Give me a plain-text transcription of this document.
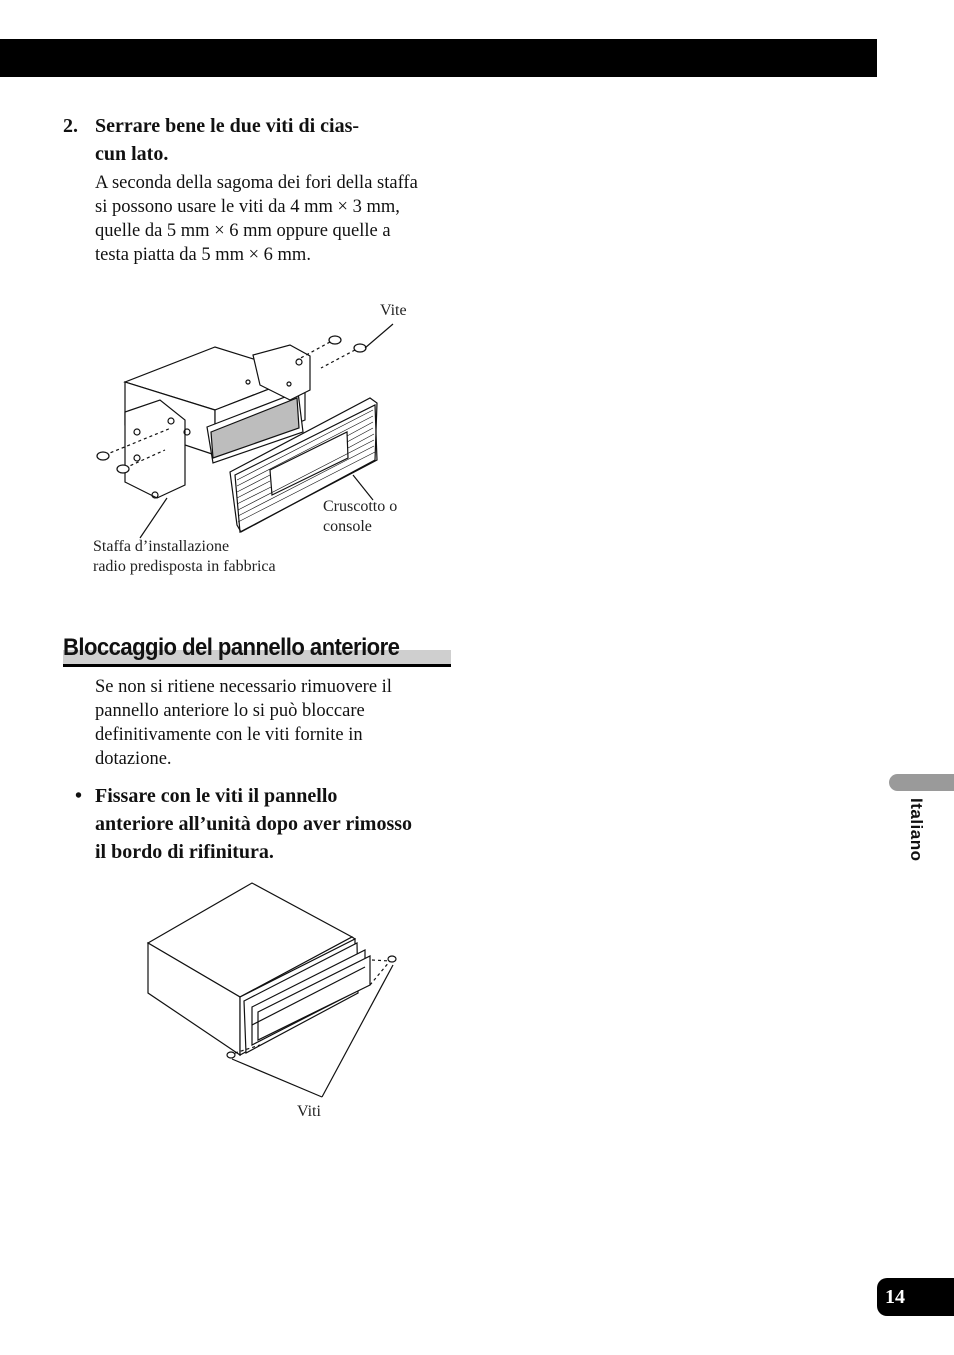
2. Serrare bene le due viti di cias-
cun lato.
A seconda della sagoma dei fori della staffa si possono usare le viti da 4 mm × 3 mm, quelle da 5 mm × 6 mm oppure quelle a testa piatta da 5 mm × 6 mm.
Vite
Cruscotto o
console
Staffa d’installazione
radio predisposta in fabbrica
Bloccaggio del pannello anteriore
Se non si ritiene necessario rimuovere il pannello anteriore lo si può bloccare definitivamente con le viti fornite in dotazione.
• Fissare con le viti il pannello anteriore all’unità dopo aver rimosso il bordo di rifinitura.
Viti
Italiano
14
